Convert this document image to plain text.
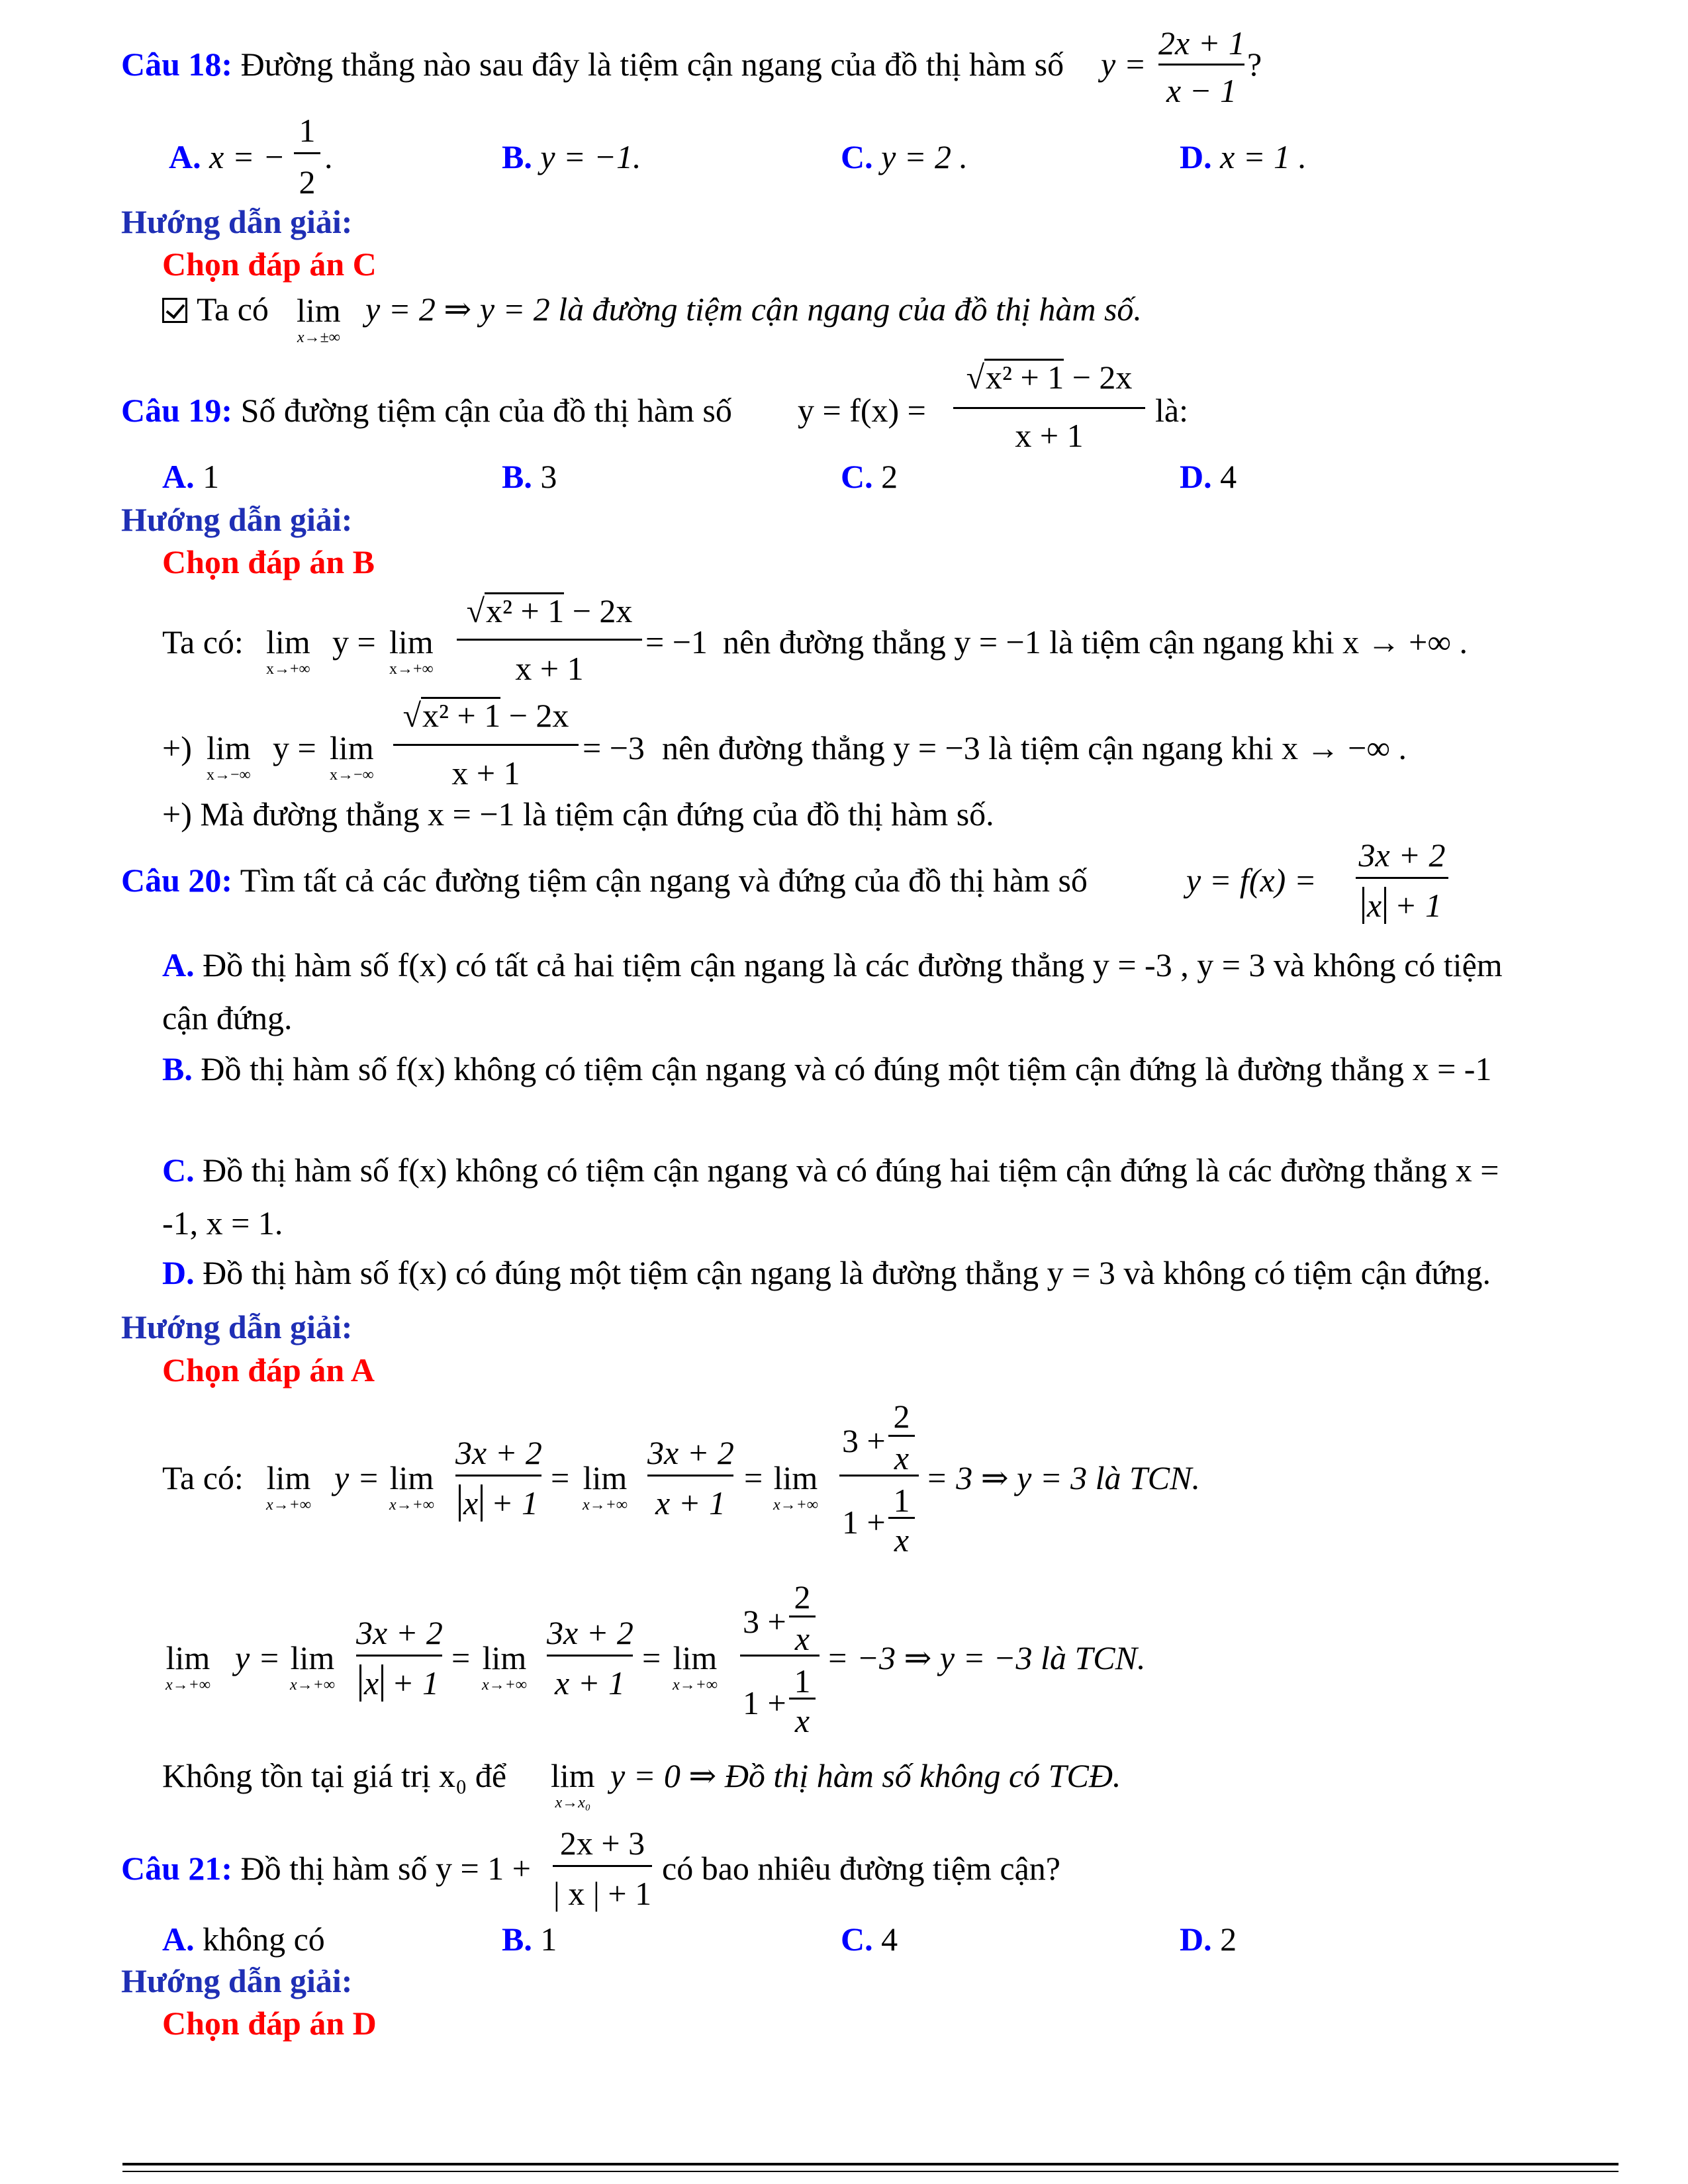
Câu 18: Đường thẳng nào sau đây là tiệm cận ngang của đồ thị hàm số y =
2x + 1
x − 1
?
A. x = −
1
2
.	B. y = −1.	C. y = 2 .	D. x = 1 .
Hướng dẫn giải:
Chọn đáp án C
Ta có lim
x→±∞
y = 2 ⇒ y = 2 là đường tiệm cận ngang của đồ thị hàm số.
Câu 19: Số đường tiệm cận của đồ thị hàm số y = f(x) =
√x² + 1 − 2x
x + 1
là:
A. 1	B. 3	C. 2	D. 4
Hướng dẫn giải:
Chọn đáp án B
Ta có: lim
x→+∞
y = lim
x→+∞
√x² + 1 − 2x
x + 1
= −1 nên đường thẳng y = −1 là tiệm cận ngang khi x → +∞ .
+) lim
x→−∞
y = lim
x→−∞
√x² + 1 − 2x
x + 1
= −3 nên đường thẳng y = −3 là tiệm cận ngang khi x → −∞ .
+) Mà đường thẳng x = −1 là tiệm cận đứng của đồ thị hàm số.
Câu 20: Tìm tất cả các đường tiệm cận ngang và đứng của đồ thị hàm số	y = f(x) =
3x + 2
x + 1
A. Đồ thị hàm số f(x) có tất cả hai tiệm cận ngang là các đường thẳng y = -3 , y = 3 và không có tiệm
cận đứng.
B. Đồ thị hàm số f(x) không có tiệm cận ngang và có đúng một tiệm cận đứng là đường thẳng x = -1
C. Đồ thị hàm số f(x) không có tiệm cận ngang và có đúng hai tiệm cận đứng là các đường thẳng x =
-1, x = 1.
D. Đồ thị hàm số f(x) có đúng một tiệm cận ngang là đường thẳng y = 3 và không có tiệm cận đứng.
Hướng dẫn giải:
Chọn đáp án A
Ta có: lim
x→+∞
y = lim
x→+∞
3x + 2
x + 1
= lim
x→+∞
3x + 2
x + 1
= lim
x→+∞
3 +
2
x
1 +
1
x
= 3 ⇒ y = 3 là TCN.
lim
x→+∞
y = lim
x→+∞
3x + 2
x + 1
= lim
x→+∞
3x + 2
x + 1
= lim
x→+∞
3 +
2
x
1 +
1
x
= −3 ⇒ y = −3 là TCN.
Không tồn tại giá trị x₀ để lim
x→x₀
y = 0 ⇒ Đồ thị hàm số không có TCĐ.
Câu 21: Đồ thị hàm số y = 1 +
2x + 3
| x | + 1
có bao nhiêu đường tiệm cận?
A. không có	B. 1	C. 4	D. 2
Hướng dẫn giải:
Chọn đáp án D
